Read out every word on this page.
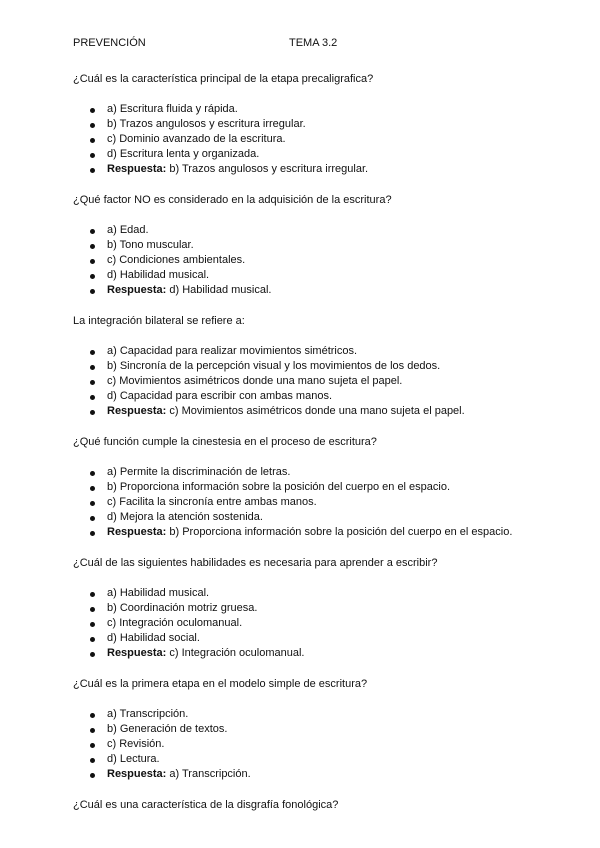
PREVENCIÓN	TEMA 3.2

¿Cuál es la característica principal de la etapa precaligrafica?

a) Escritura fluida y rápida.
b) Trazos angulosos y escritura irregular.
c) Dominio avanzado de la escritura.
d) Escritura lenta y organizada.
Respuesta: b) Trazos angulosos y escritura irregular.

¿Qué factor NO es considerado en la adquisición de la escritura?

a) Edad.
b) Tono muscular.
c) Condiciones ambientales.
d) Habilidad musical.
Respuesta: d) Habilidad musical.

La integración bilateral se refiere a:

a) Capacidad para realizar movimientos simétricos.
b) Sincronía de la percepción visual y los movimientos de los dedos.
c) Movimientos asimétricos donde una mano sujeta el papel.
d) Capacidad para escribir con ambas manos.
Respuesta: c) Movimientos asimétricos donde una mano sujeta el papel.

¿Qué función cumple la cinestesia en el proceso de escritura?

a) Permite la discriminación de letras.
b) Proporciona información sobre la posición del cuerpo en el espacio.
c) Facilita la sincronía entre ambas manos.
d) Mejora la atención sostenida.
Respuesta: b) Proporciona información sobre la posición del cuerpo en el espacio.

¿Cuál de las siguientes habilidades es necesaria para aprender a escribir?

a) Habilidad musical.
b) Coordinación motriz gruesa.
c) Integración oculomanual.
d) Habilidad social.
Respuesta: c) Integración oculomanual.

¿Cuál es la primera etapa en el modelo simple de escritura?

a) Transcripción.
b) Generación de textos.
c) Revisión.
d) Lectura.
Respuesta: a) Transcripción.

¿Cuál es una característica de la disgrafía fonológica?
